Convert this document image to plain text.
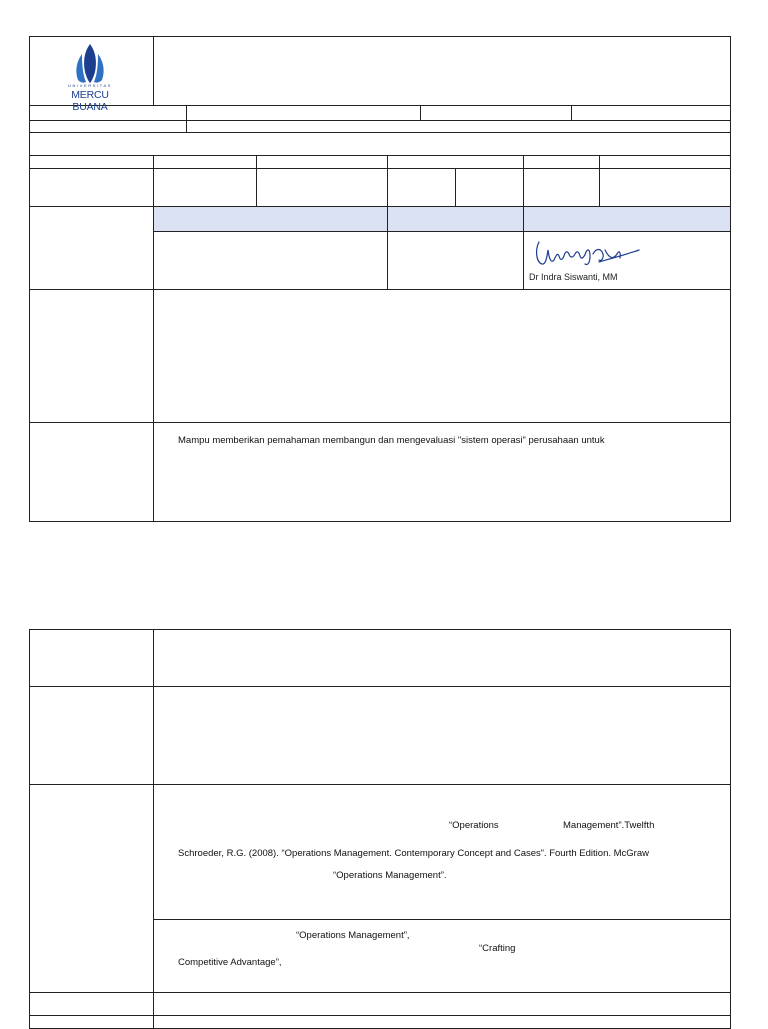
UNIVERSITAS
MERCU BUANA
Dr Indra Siswanti, MM
Mampu memberikan pemahaman membangun dan mengevaluasi "sistem operasi" perusahaan untuk
“Operations	Management”.Twelfth
Schroeder, R.G. (2008). “Operations Management. Contemporary Concept and Cases”. Fourth Edition. McGraw
“Operations Management”.
“Operations Management”,
“Crafting
Competitive Advantage”,
